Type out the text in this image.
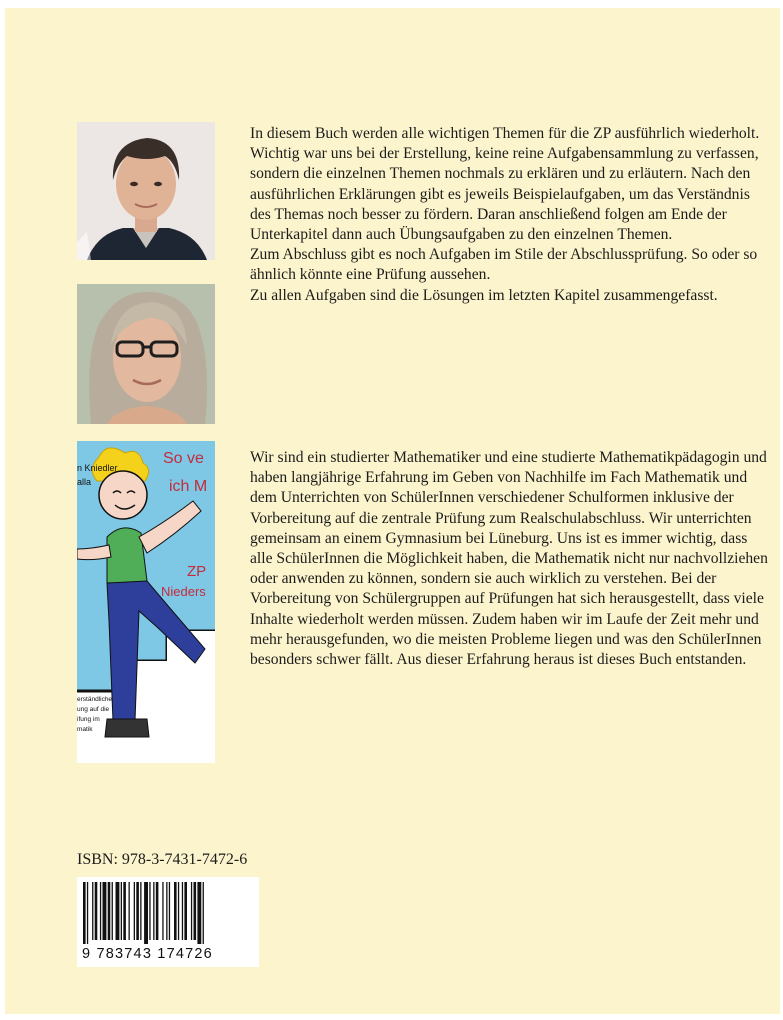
In diesem Buch werden alle wichtigen Themen für die ZP ausführlich wiederholt.

Wichtig war uns bei der Erstellung, keine reine Aufgabensammlung zu verfassen, sondern die einzelnen Themen nochmals zu erklären und zu erläutern. Nach den ausführlichen Erklärungen gibt es jeweils Beispielaufgaben, um das Verständnis des Themas noch besser zu fördern. Daran anschließend folgen am Ende der Unterkapitel dann auch Übungsaufgaben zu den einzelnen Themen.

Zum Abschluss gibt es noch Aufgaben im Stile der Abschlussprüfung. So oder so ähnlich könnte eine Prüfung aussehen.

Zu allen Aufgaben sind die Lösungen im letzten Kapitel zusammengefasst.

So ve
ich M
n Kniedler
alla
ZP
Nieders
erständliche
ung auf die
ifung im
matik

Wir sind ein studierter Mathematiker und eine studierte Mathematikpädagogin und haben langjährige Erfahrung im Geben von Nachhilfe im Fach Mathematik und dem Unterrichten von SchülerInnen verschiedener Schulformen inklusive der Vorbereitung auf die zentrale Prüfung zum Realschulabschluss. Wir unterrichten gemeinsam an einem Gymnasium bei Lüneburg. Uns ist es immer wichtig, dass alle SchülerInnen die Möglichkeit haben, die Mathematik nicht nur nachvollziehen oder anwenden zu können, sondern sie auch wirklich zu verstehen. Bei der Vorbereitung von Schülergruppen auf Prüfungen hat sich herausgestellt, dass viele Inhalte wiederholt werden müssen. Zudem haben wir im Laufe der Zeit mehr und mehr herausgefunden, wo die meisten Probleme liegen und was den SchülerInnen besonders schwer fällt. Aus dieser Erfahrung heraus ist dieses Buch entstanden.

ISBN: 978-3-7431-7472-6
9 783743 174726
